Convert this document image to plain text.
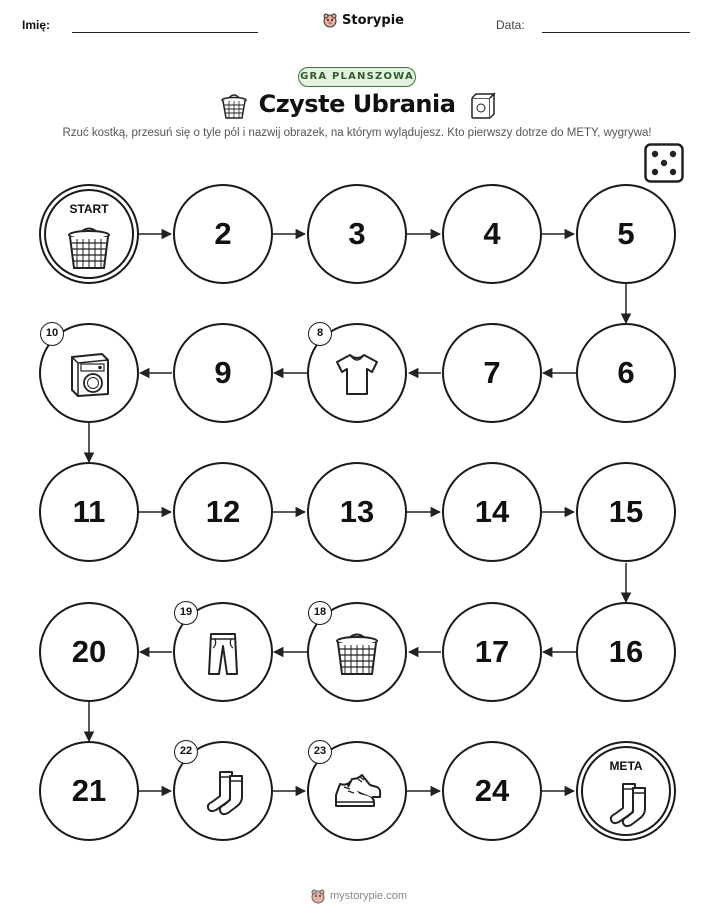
Imię:	Storypie	Data:
GRA PLANSZOWA
Czyste Ubrania
Rzuć kostką, przesuń się o tyle pól i nazwij obrazek, na którym wylądujesz. Kto pierwszy dotrze do METY, wygrywa!
START
2	3	4	5
6
7
8
9
10
11	12	13	14	15
16
17
18
19
20
21
22	23
24
META
mystorypie.com
